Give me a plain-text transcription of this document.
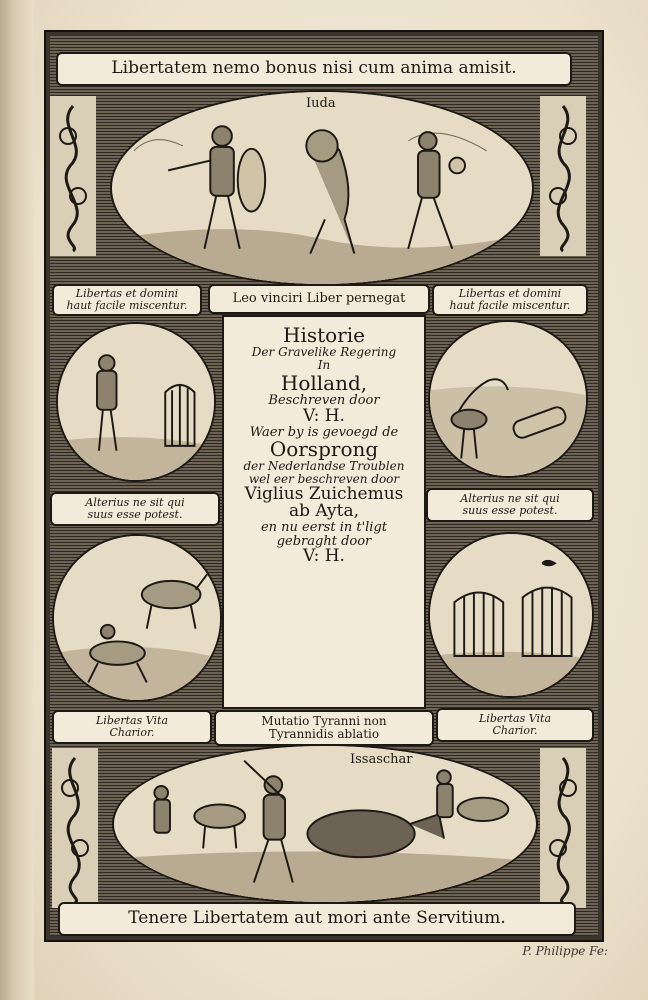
Libertatem nemo bonus nisi cum anima amisit.
Iuda
Libertas et domini
haut facile miscentur.	Leo vinciri Liber pernegat	Libertas et domini
haut facile miscentur.
Alterius ne sit qui
suus esse potest.
Alterius ne sit qui
suus esse potest.
Historie
Der Gravelike Regering
In
Holland,
Beschreven door
V: H.
Waer by is gevoegd de
Oorsprong
der Nederlandse Troublen
wel eer beschreven door
Viglius Zuichemus
ab Ayta,
en nu eerst in t'ligt
gebraght door
V: H.
Libertas Vita
Charior.
Mutatio Tyranni non
Tyrannidis ablatio
Libertas Vita
Charior.
Issaschar
Tenere Libertatem aut mori ante Servitium.
P. Philippe Fe:
